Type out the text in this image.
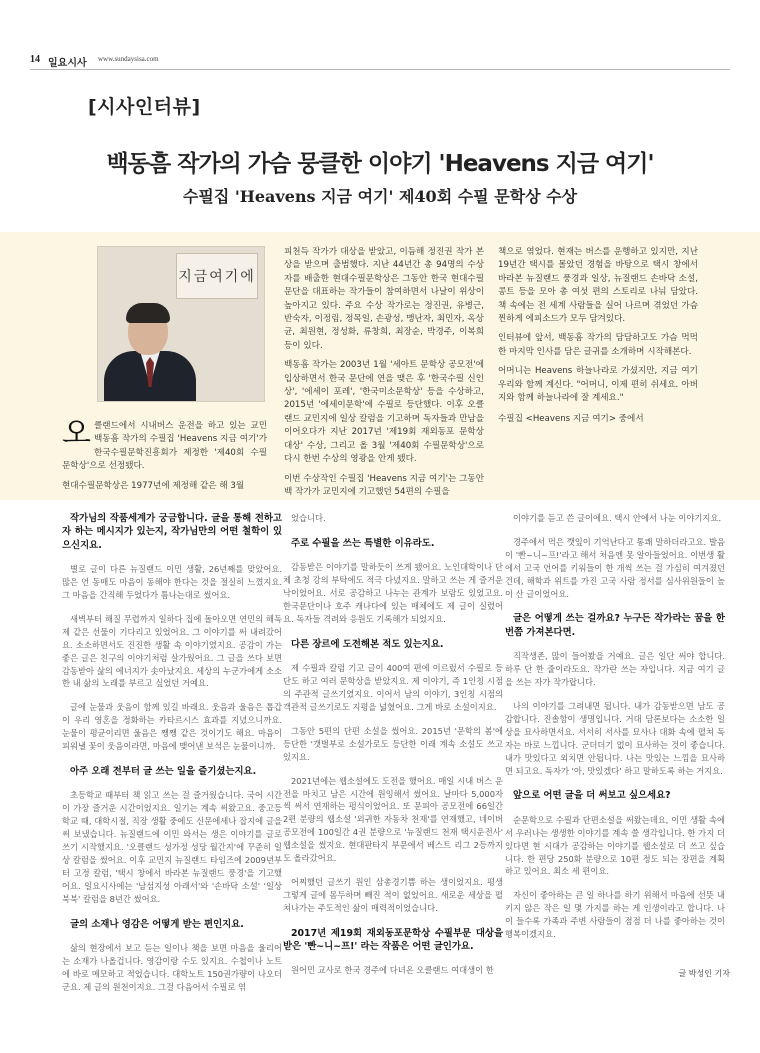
14 일요시사 www.sundaysisa.com
[시사인터뷰]
백동흠 작가의 가슴 뭉클한 이야기 'Heavens 지금 여기'
수필집 'Heavens 지금 여기' 제40회 수필 문학상 수상
지금여기에

오클랜드에서 시내버스 운전을 하고 있는 교민 백동흠 작가의 수필집 'Heavens 지금 여기'가 한국수필문학진흥회가 제정한 '제40회 수필 문학상'으로 선정됐다.

현대수필문학상은 1977년에 제정해 같은 해 3월

피천득 작가가 대상을 받았고, 이듬해 정진권 작가 본상을 받으며 출범했다. 지난 44년간 총 94명의 수상자를 배출한 현대수필문학상은 그동안 한국 현대수필 문단을 대표하는 작가들이 참여하면서 나날이 위상이 높아지고 있다. 주요 수상 작가로는 정진권, 유병근, 반숙자, 이정림, 정목일, 손광성, 맹난자, 최민자, 옥상균, 최원현, 정성화, 류창희, 최장순, 박경주, 이복희 등이 있다.

백동흠 작가는 2003년 1월 '세아트 문학상 공모전'에 입상하면서 한국 문단에 연을 맺은 후 '한국수필 신인상', '에세이 포레', '한국미소문학상' 등을 수상하고, 2015년 '에세이문학'에 수필로 등단했다. 이후 오클랜드 교민지에 일상 칼럼을 기고하며 독자들과 만남을 이어오다가 지난 2017년 '제19회 재외동포 문학상 대상' 수상, 그리고 올 3월 '제40회 수필문학상'으로 다시 한번 수상의 영광을 안게 됐다.

이번 수상작인 수필집 'Heavens 지금 여기'는 그동안 백 작가가 교민지에 기고했던 54편의 수필을

책으로 엮었다. 현재는 버스를 운행하고 있지만, 지난 19년간 택시를 몰았던 경험을 바탕으로 택시 창에서 바라본 뉴질랜드 풍경과 일상, 뉴질랜드 손바닥 소설, 콩트 등을 모아 총 여섯 편의 스토리로 나눠 담았다. 책 속에는 전 세계 사람들을 실어 나르며 겪었던 가슴찐하게 에피소드가 모두 담겨있다.

인터뷰에 앞서, 백동흠 작가의 담담하고도 가슴 먹먹한 마지막 인사를 담은 글귀를 소개하며 시작해본다.

어머니는 Heavens 하늘나라로 가셨지만, 지금 여기 우리와 함께 계신다. "어머니, 이제 편히 쉬세요. 아버지와 함께 하늘나라에 잘 계세요."

수필집 <Heavens 지금 여기> 중에서

작가님의 작품세계가 궁금합니다. 글을 통해 전하고자 하는 메시지가 있는지, 작가님만의 어떤 철학이 있으신지요.

별로 글이 다른 뉴질랜드 이민 생활, 26년째를 맞았어요. 많은 언 동매도 마음이 동해야 한다는 것을 절실히 느꼈지요. 그 마음을 간직해 두었다가 틈나는대로 썼어요.

새벽부터 해질 무렵까지 일하다 집에 돌아오면 연민의 해독제 같은 선물이 기다리고 있었어요. 그 이야기를 써 내려갔어요. 소소하면서도 진진한 생활 속 이야기였지요. 공감이 가는 좋은 글은 친구의 이야기처럼 살가웠어요. 그 글을 쓰다 보면 감동받아 삶의 에너지가 솟아났지요. 세상의 누군가에게 소소한 내 삶의 노래를 부르고 싶었던 거예요.

글에 눈물과 웃음이 함께 있길 바래요. 웃음과 울음은 톱갑이 우리 영혼을 정화하는 카타르시스 효과를 지녔으니까요. 눈물이 평균이리면 울음은 쨍쨍 같은 것이기도 해요. 마음이 피워낼 꽃이 웃음이라면, 마음에 맺어낸 보석은 눈물이니까.

아주 오래 전부터 글 쓰는 일을 즐기셨는지요.

초등학교 때부터 책 읽고 쓰는 걸 즐거웠습니다. 국어 시간이 가장 즐거운 시간이었지요. 일기는 계속 써왔고요. 중고등학교 때, 대학시절, 직장 생활 중에도 신문에세나 잡지에 글을 써 보냈습니다. 뉴질랜드에 이민 와서는 생은 이야기를 글로 쓰기 시작했지요. '오클랜드 성가정 성당 월간지'에 꾸준히 일상 칼럼을 썼어요. 이후 교민지 뉴질랜드 타임즈에 2009년부터 고정 칼럼, '택시 창에서 바라본 뉴질랜드 풍경'을 기고했어요. 일요시사에는 '남섬지성 아래서'와 '손바닥 소설' '일상 북북' 칼럼을 8년간 썼어요.

글의 소재나 영감은 어떻게 받는 편인지요.

삶의 현장에서 보고 듣는 일이나 책을 보면 마음을 울리어는 소재가 나올겁니다. 영감이랑 수도 있지요. 수첩이나 노트에 바로 메모하고 적었습니다. 대학노트 150권가량이 나오더군요. 제 글의 원천이지요. 그걸 다음어서 수필로 엮

었습니다.

주로 수필을 쓰는 특별한 이유라도.

감동받은 이야기를 말하듯이 쓰게 됐어요. 노인대학이나 단체 초청 강의 부탁에도 적극 다녔지요. 말하고 쓰는 게 즐거운 낙이었어요. 서로 공감하고 나누는 관계가 보람도 있었고요. 한국문단이나 호주 캐나다에 있는 매체에도 제 글이 실렸어요. 독자들 격려와 응원도 기록해가 되었지요.

다른 장르에 도전해본 적도 있는지요.

제 수필과 칼럼 기고 글이 400여 편에 이르렀서 수필로 등단도 하고 여러 문학상을 받았지요. 제 이야기, 즉 1인칭 시점의 주관적 글쓰기였지요. 이어서 남의 이야기, 3인칭 시점의 객관적 글쓰기로도 지평을 넓혔어요. 그게 바로 소설이지요.

그동안 5편의 단편 소설을 썼어요. 2015년 '문학의 봄'에 등단한 '갯벌부로 소설가로도 등단한 이래 계속 소설도 쓰고 있지요.

2021년에는 웹소설에도 도전을 했어요. 매일 시내 버스 운전을 마치고 남은 시간에 원잉해서 썼어요. 날마다 5,000자씩 써서 연재하는 펑식이었어요. 또 문피아 공모전에 66일간 2편 분량의 웹소설 '외귀한 자동차 천재'를 연재했고, 네이버 공모전에 100일간 4권 분량으로 '뉴질랜드 천재 택시운전사' 웹소설을 썼지요. 현대판타지 부문에서 베스트 리그 2등까지도 올라갔어요.

어찌했던 글쓰기 원인 삼총경기쁨 하는 생이었지요. 평생 그렇게 글에 몸두하며 빼진 적이 없었어요. 새로운 세상을 펼쳐나가는 주도적인 삶이 매력적이었습니다.

2017년 제19회 재외동포문학상 수필부문 대상을 받은 '빤~니~프!' 라는 작품은 어떤 글인가요.

원어민 교사로 한국 경주에 다녀온 오클랜드 여대생이 한

이야기를 듣고 쓴 글이에요. 택시 안에서 나눈 이야기지요.

경주에서 먹은 깻잎이 기억난다고 통쾌 말하더라고요. 발음이 '빤~니~프!'라고 해서 처음엔 못 알아들었어요. 이번생 활에서 고국 언어를 키워들이 한 개씩 쓰는 걸 가심히 여겨졌던 건데, 해학과 위트를 가진 고국 사람 정서를 심사위원들이 높이 산 글이었어요.

글은 어떻게 쓰는 걸까요? 누구든 작가라는 꿈을 한번쯤 가져본다면.

직작생존, 많이 들어봤을 거예요. 글은 일단 써야 합니다. 하루 단 한 줄이라도요. 작가란 쓰는 자입니다. 지금 여기 글을 쓰는 자가 작가랍니다.

나의 이야기를 그려내면 됩니다. 내가 감동받으면 남도 공감합니다. 진솔함이 생명입니다. 거대 담론보다는 소소한 일상을 묘사하면서요. 서서히 서사를 묘사나 대화 속에 펼쳐 독자는 바로 느낍니다. 군더더기 없이 묘사하는 것이 좋습니다. 내가 맛있다고 외치면 안됩니다. 나는 맛있는 느낌을 묘사하면 되고요. 독자가 '아, 맛있겠다' 하고 말하도록 하는 거지요.

앞으로 어떤 글을 더 써보고 싶으세요?

순문학으로 수필과 단편소설을 써왔는데요, 이민 생활 속에서 우러나는 생생한 이야기를 계속 쓸 생각입니다. 한 가지 더 있다면 현 시대가 공감하는 이야기를 웹소설로 더 쓰고 싶습니다. 한 편당 250화 분량으로 10편 정도 되는 장편을 계획하고 있어요. 최소 세 편이요.

자신이 좋아하는 큰 일 하나를 하기 위해서 마음에 선뜻 내키지 않은 작은 일 몇 가지를 하는 게 인생이라고 합니다. 나이 들수록 가족과 주변 사람들이 점점 더 나를 좋아하는 것이 행복이겠지요.

글 박성인 기자
